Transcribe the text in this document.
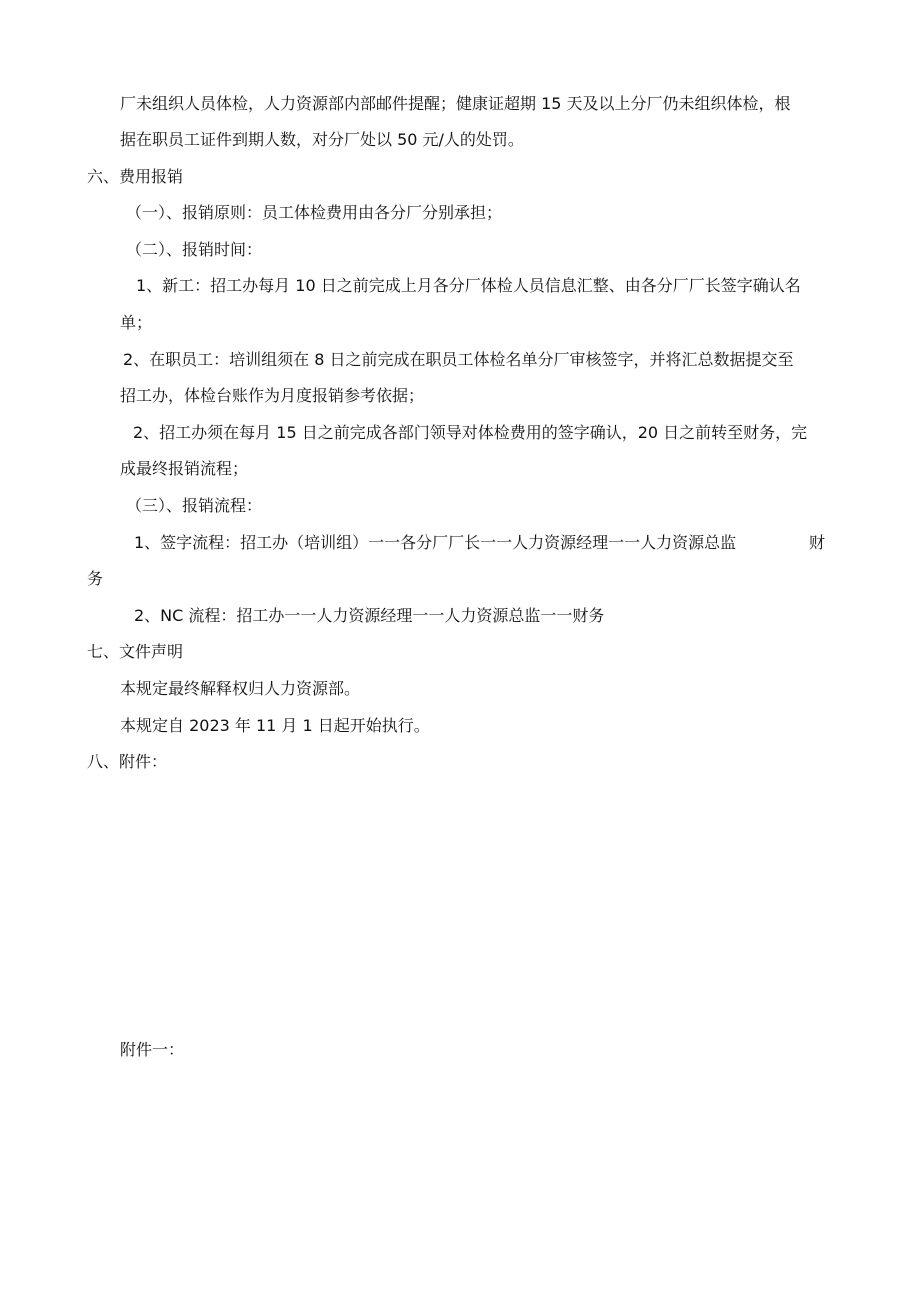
厂未组织人员体检，人力资源部内部邮件提醒；健康证超期 15 天及以上分厂仍未组织体检，根
据在职员工证件到期人数，对分厂处以 50 元/人的处罚。
六、费用报销
（一）、报销原则：员工体检费用由各分厂分别承担；
（二）、报销时间：
1、新工：招工办每月 10 日之前完成上月各分厂体检人员信息汇整、由各分厂厂长签字确认名
单；
2、在职员工：培训组须在 8 日之前完成在职员工体检名单分厂审核签字，并将汇总数据提交至
招工办，体检台账作为月度报销参考依据；
2、招工办须在每月 15 日之前完成各部门领导对体检费用的签字确认，20 日之前转至财务，完
成最终报销流程；
（三）、报销流程：
1、签字流程：招工办（培训组）一一各分厂厂长一一人力资源经理一一人力资源总监	财
务
2、NC 流程：招工办一一人力资源经理一一人力资源总监一一财务
七、文件声明
本规定最终解释权归人力资源部。
本规定自 2023 年 11 月 1 日起开始执行。
八、附件：
附件一：
